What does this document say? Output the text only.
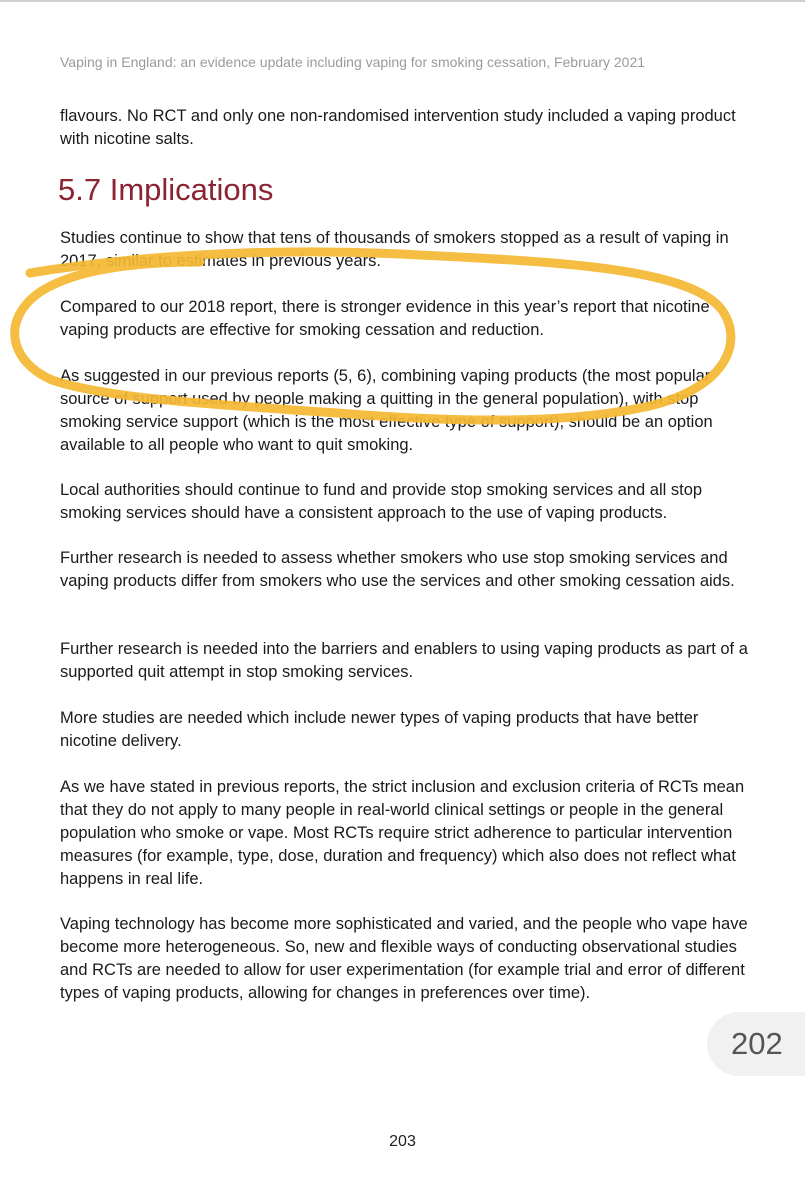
Vaping in England: an evidence update including vaping for smoking cessation, February 2021

flavours. No RCT and only one non-randomised intervention study included a vaping product with nicotine salts.

5.7 Implications

Studies continue to show that tens of thousands of smokers stopped as a result of vaping in 2017, similar to estimates in previous years.

Compared to our 2018 report, there is stronger evidence in this year’s report that nicotine vaping products are effective for smoking cessation and reduction.

As suggested in our previous reports (5, 6), combining vaping products (the most popular source of support used by people making a quitting in the general population), with stop smoking service support (which is the most effective type of support), should be an option available to all people who want to quit smoking.

Local authorities should continue to fund and provide stop smoking services and all stop smoking services should have a consistent approach to the use of vaping products.

Further research is needed to assess whether smokers who use stop smoking services and vaping products differ from smokers who use the services and other smoking cessation aids.

Further research is needed into the barriers and enablers to using vaping products as part of a supported quit attempt in stop smoking services.

More studies are needed which include newer types of vaping products that have better nicotine delivery.

As we have stated in previous reports, the strict inclusion and exclusion criteria of RCTs mean that they do not apply to many people in real-world clinical settings or people in the general population who smoke or vape. Most RCTs require strict adherence to particular intervention measures (for example, type, dose, duration and frequency) which also does not reflect what happens in real life.

Vaping technology has become more sophisticated and varied, and the people who vape have become more heterogeneous. So, new and flexible ways of conducting observational studies and RCTs are needed to allow for user experimentation (for example trial and error of different types of vaping products, allowing for changes in preferences over time).

202
203
